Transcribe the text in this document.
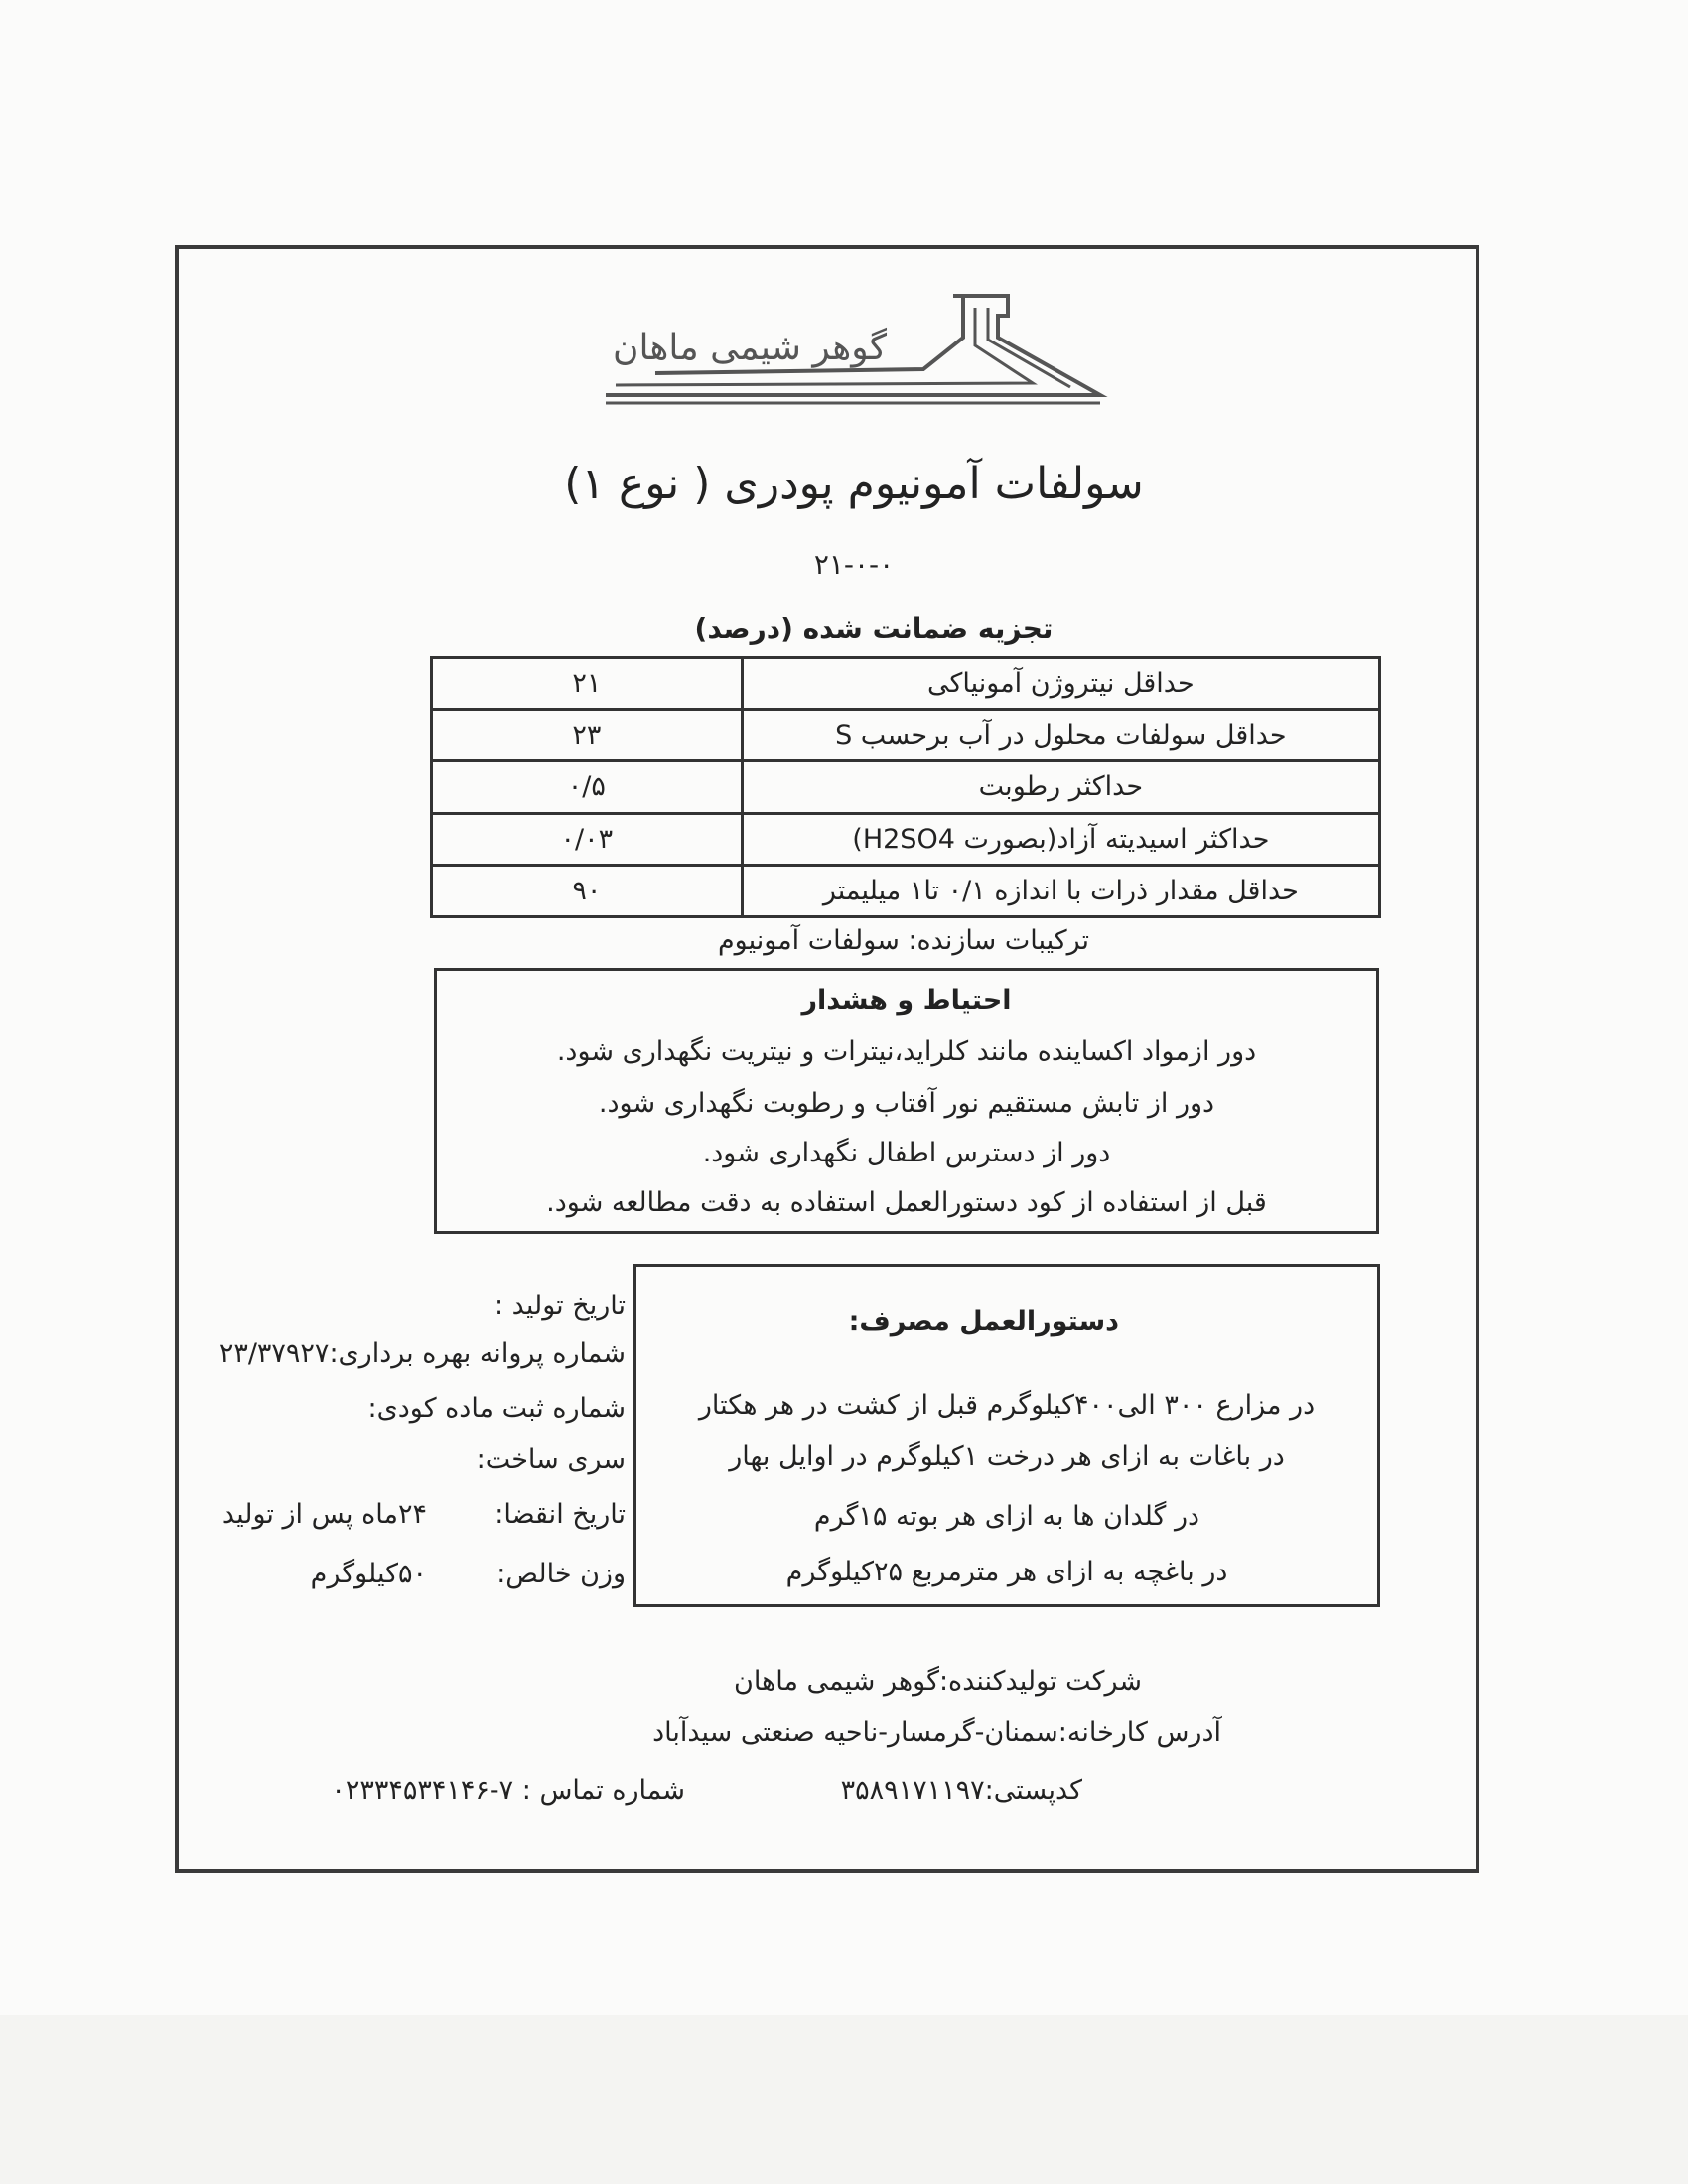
گوهر شیمی ماهان
سولفات آمونیوم پودری ( نوع ۱)
۲۱-۰-۰
تجزیه ضمانت شده (درصد)
حداقل نیتروژن آمونیاکی	۲۱
حداقل سولفات محلول در آب برحسب S	۲۳
حداکثر رطوبت	۰/۵
حداکثر اسیدیته آزاد(بصورت H2SO4)	۰/۰۳
حداقل مقدار ذرات با اندازه ۰/۱ تا۱ میلیمتر	۹۰
ترکیبات سازنده: سولفات آمونیوم
احتیاط و هشدار
دور ازمواد اکساینده مانند کلراید،نیترات و نیتریت نگهداری شود.
دور از تابش مستقیم نور آفتاب و رطوبت نگهداری شود.
دور از دسترس اطفال نگهداری شود.
قبل از استفاده از کود دستورالعمل استفاده به دقت مطالعه شود.
دستورالعمل مصرف:
در مزارع ۳۰۰ الی۴۰۰کیلوگرم قبل از کشت در هر هکتار
در باغات به ازای هر درخت ۱کیلوگرم در اوایل بهار
در گلدان ها به ازای هر بوته ۱۵گرم
در باغچه به ازای هر مترمربع ۲۵کیلوگرم
تاریخ تولید :
شماره پروانه بهره برداری:۲۳/۳۷۹۲۷
شماره ثبت ماده کودی:
سری ساخت:
تاریخ انقضا:
۲۴ماه پس از تولید
وزن خالص:
۵۰کیلوگرم
شرکت تولیدکننده:گوهر شیمی ماهان
آدرس کارخانه:سمنان-گرمسار-ناحیه صنعتی سیدآباد
کدپستی:۳۵۸۹۱۷۱۱۹۷
شماره تماس : ۷-۰۲۳۳۴۵۳۴۱۴۶
